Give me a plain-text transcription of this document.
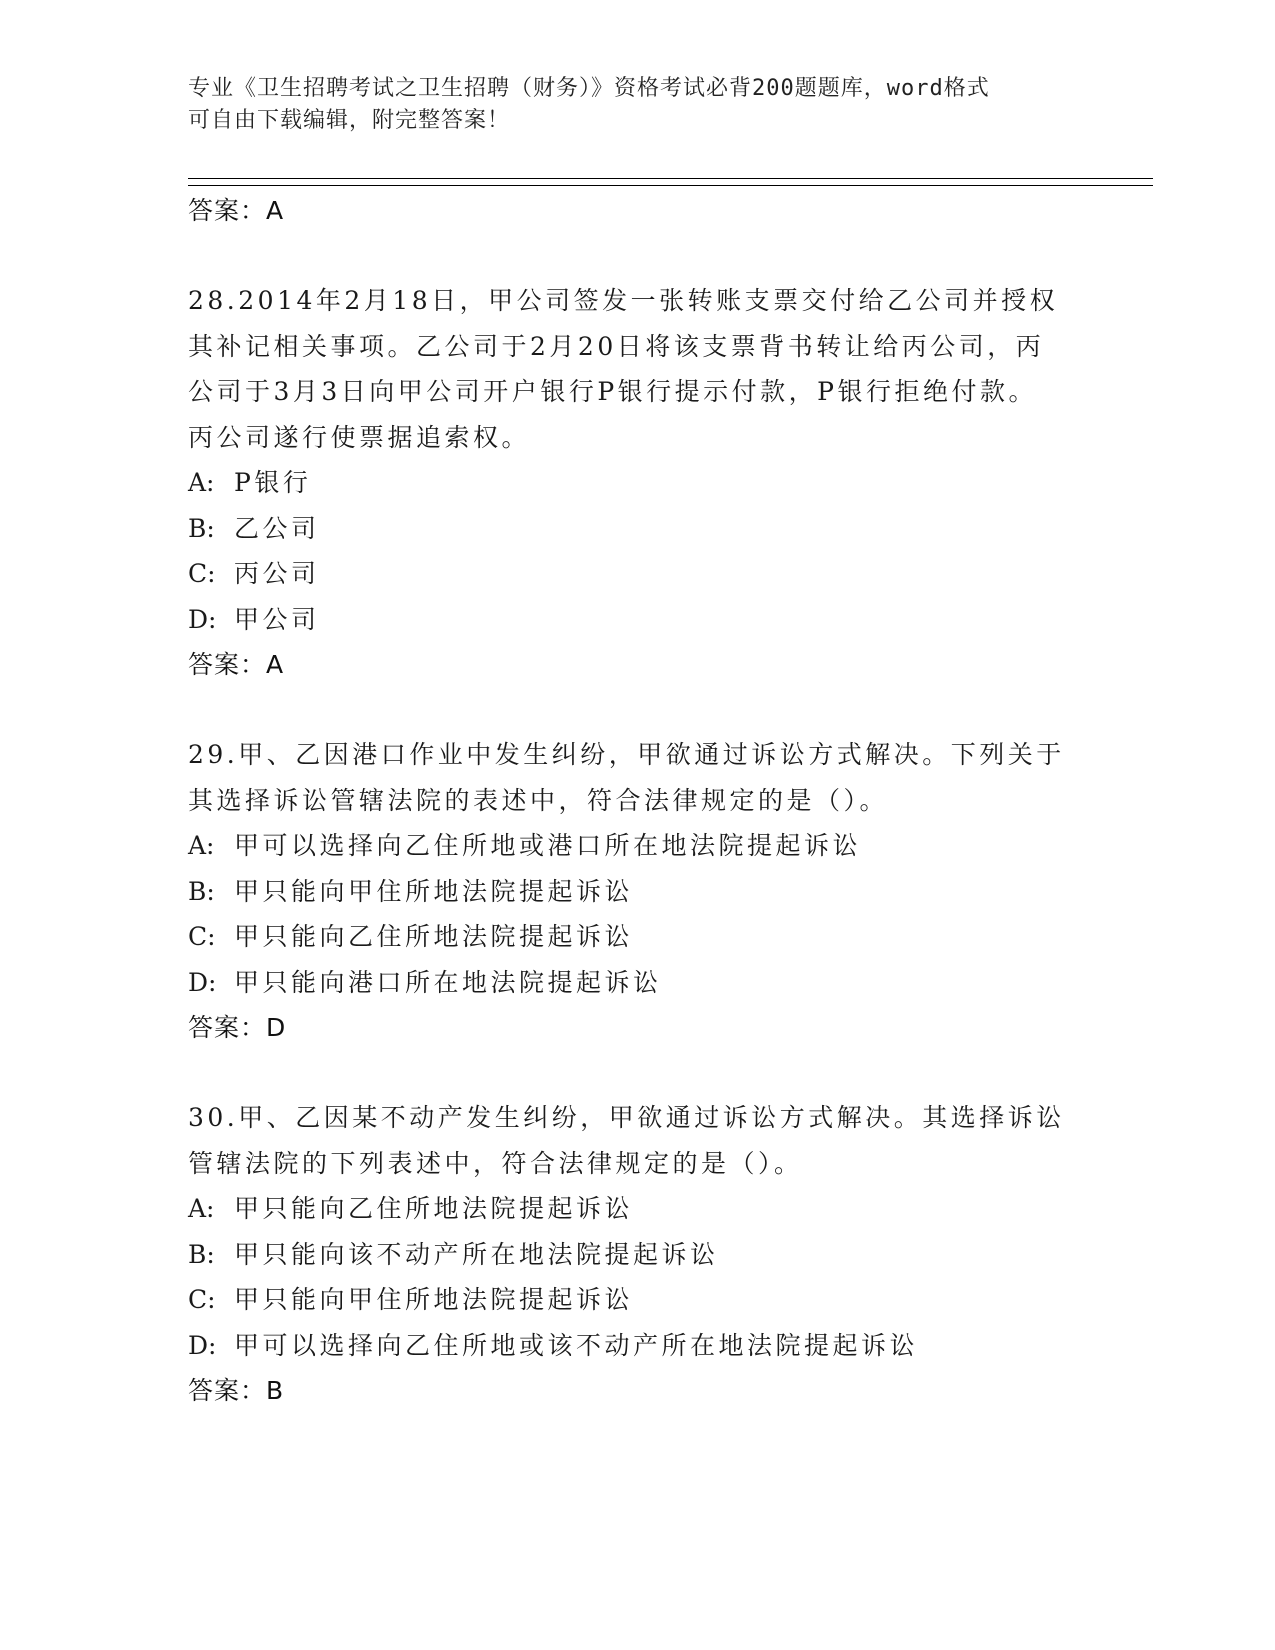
专业《卫生招聘考试之卫生招聘（财务）》资格考试必背200题题库，word格式
可自由下载编辑，附完整答案！
答案：A
28.2014年2月18日，甲公司签发一张转账支票交付给乙公司并授权
其补记相关事项。乙公司于2月20日将该支票背书转让给丙公司，丙
公司于3月3日向甲公司开户银行P银行提示付款，P银行拒绝付款。
丙公司遂行使票据追索权。
A: P银行
B: 乙公司
C: 丙公司
D: 甲公司
答案：A
29.甲、乙因港口作业中发生纠纷，甲欲通过诉讼方式解决。下列关于
其选择诉讼管辖法院的表述中，符合法律规定的是（）。
A: 甲可以选择向乙住所地或港口所在地法院提起诉讼
B: 甲只能向甲住所地法院提起诉讼
C: 甲只能向乙住所地法院提起诉讼
D: 甲只能向港口所在地法院提起诉讼
答案：D
30.甲、乙因某不动产发生纠纷，甲欲通过诉讼方式解决。其选择诉讼
管辖法院的下列表述中，符合法律规定的是（）。
A: 甲只能向乙住所地法院提起诉讼
B: 甲只能向该不动产所在地法院提起诉讼
C: 甲只能向甲住所地法院提起诉讼
D: 甲可以选择向乙住所地或该不动产所在地法院提起诉讼
答案：B
